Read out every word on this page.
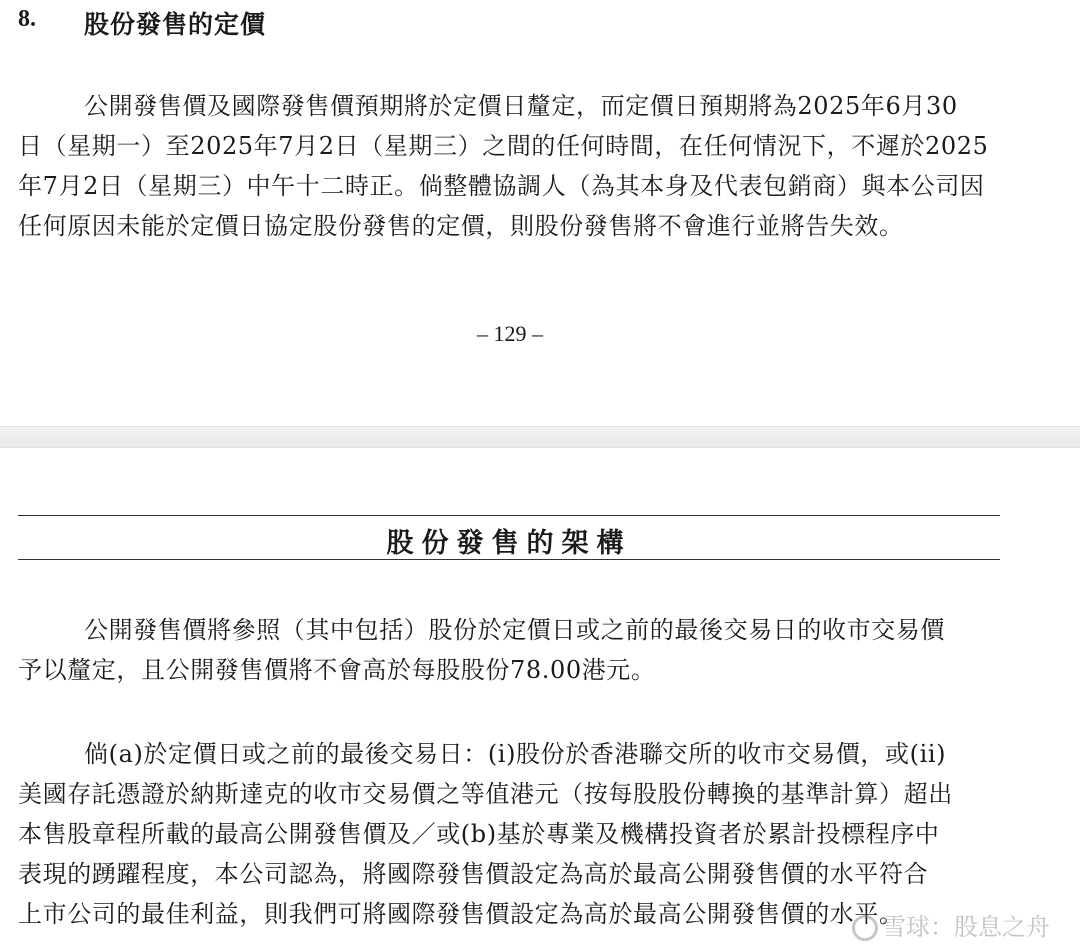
8. 股份發售的定價
公開發售價及國際發售價預期將於定價日釐定，而定價日預期將為2025年6月30
日（星期一）至2025年7月2日（星期三）之間的任何時間，在任何情況下，不遲於2025
年7月2日（星期三）中午十二時正。倘整體協調人（為其本身及代表包銷商）與本公司因
任何原因未能於定價日協定股份發售的定價，則股份發售將不會進行並將告失效。
– 129 –
股份發售的架構
公開發售價將參照（其中包括）股份於定價日或之前的最後交易日的收市交易價
予以釐定，且公開發售價將不會高於每股股份78.00港元。
倘(a)於定價日或之前的最後交易日：(i)股份於香港聯交所的收市交易價，或(ii)
美國存託憑證於納斯達克的收市交易價之等值港元（按每股股份轉換的基準計算）超出
本售股章程所載的最高公開發售價及／或(b)基於專業及機構投資者於累計投標程序中
表現的踴躍程度，本公司認為，將國際發售價設定為高於最高公開發售價的水平符合
上市公司的最佳利益，則我們可將國際發售價設定為高於最高公開發售價的水平。
雪球：股息之舟
